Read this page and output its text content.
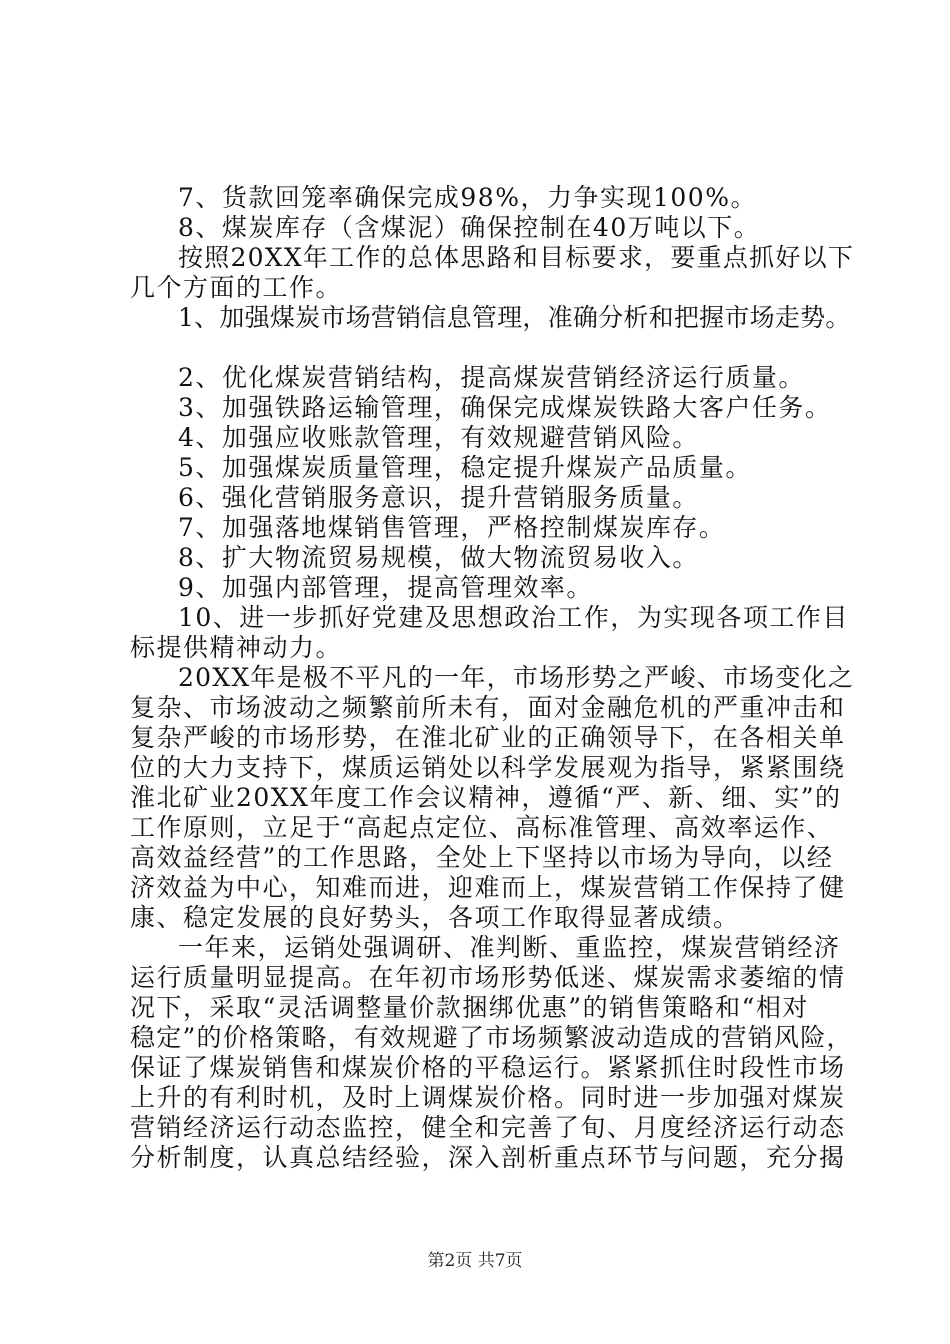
7、货款回笼率确保完成98%，力争实现100%。
8、煤炭库存（含煤泥）确保控制在40万吨以下。
按照20XX年工作的总体思路和目标要求，要重点抓好以下
几个方面的工作。
1、加强煤炭市场营销信息管理，准确分析和把握市场走势。
2、优化煤炭营销结构，提高煤炭营销经济运行质量。
3、加强铁路运输管理，确保完成煤炭铁路大客户任务。
4、加强应收账款管理，有效规避营销风险。
5、加强煤炭质量管理，稳定提升煤炭产品质量。
6、强化营销服务意识，提升营销服务质量。
7、加强落地煤销售管理，严格控制煤炭库存。
8、扩大物流贸易规模，做大物流贸易收入。
9、加强内部管理，提高管理效率。
10、进一步抓好党建及思想政治工作，为实现各项工作目
标提供精神动力。
20XX年是极不平凡的一年，市场形势之严峻、市场变化之
复杂、市场波动之频繁前所未有，面对金融危机的严重冲击和
复杂严峻的市场形势，在淮北矿业的正确领导下，在各相关单
位的大力支持下，煤质运销处以科学发展观为指导，紧紧围绕
淮北矿业20XX年度工作会议精神，遵循“严、新、细、实”的
工作原则，立足于“高起点定位、高标准管理、高效率运作、
高效益经营”的工作思路，全处上下坚持以市场为导向，以经
济效益为中心，知难而进，迎难而上，煤炭营销工作保持了健
康、稳定发展的良好势头，各项工作取得显著成绩。
一年来，运销处强调研、准判断、重监控，煤炭营销经济
运行质量明显提高。在年初市场形势低迷、煤炭需求萎缩的情
况下，采取“灵活调整量价款捆绑优惠”的销售策略和“相对
稳定”的价格策略，有效规避了市场频繁波动造成的营销风险，
保证了煤炭销售和煤炭价格的平稳运行。紧紧抓住时段性市场
上升的有利时机，及时上调煤炭价格。同时进一步加强对煤炭
营销经济运行动态监控，健全和完善了旬、月度经济运行动态
分析制度，认真总结经验，深入剖析重点环节与问题，充分揭
第2页 共7页
